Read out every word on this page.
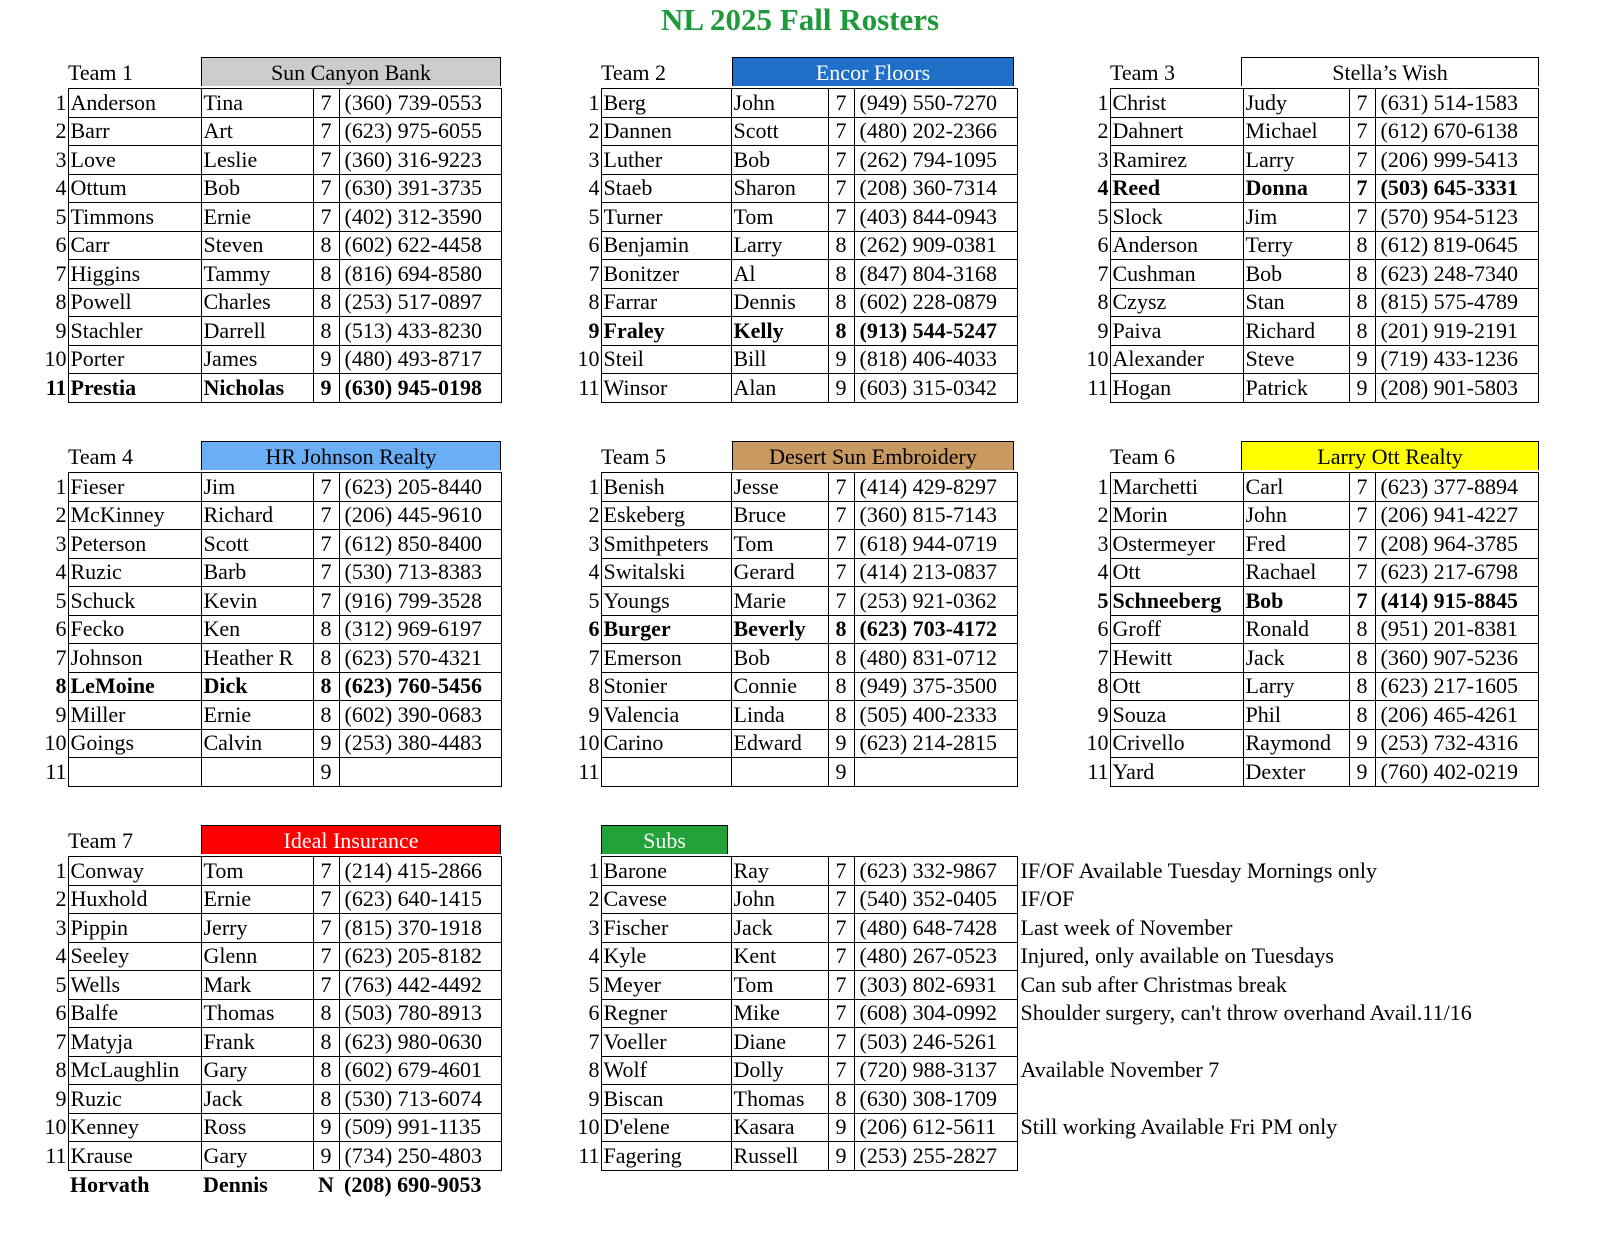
NL 2025 Fall Rosters
Team 1	Sun Canyon Bank
1	Anderson	Tina	7	(360) 739-0553
2	Barr	Art	7	(623) 975-6055
3	Love	Leslie	7	(360) 316-9223
4	Ottum	Bob	7	(630) 391-3735
5	Timmons	Ernie	7	(402) 312-3590
6	Carr	Steven	8	(602) 622-4458
7	Higgins	Tammy	8	(816) 694-8580
8	Powell	Charles	8	(253) 517-0897
9	Stachler	Darrell	8	(513) 433-8230
10	Porter	James	9	(480) 493-8717
11	Prestia	Nicholas	9	(630) 945-0198
Team 2	Encor Floors
1	Berg	John	7	(949) 550-7270
2	Dannen	Scott	7	(480) 202-2366
3	Luther	Bob	7	(262) 794-1095
4	Staeb	Sharon	7	(208) 360-7314
5	Turner	Tom	7	(403) 844-0943
6	Benjamin	Larry	8	(262) 909-0381
7	Bonitzer	Al	8	(847) 804-3168
8	Farrar	Dennis	8	(602) 228-0879
9	Fraley	Kelly	8	(913) 544-5247
10	Steil	Bill	9	(818) 406-4033
11	Winsor	Alan	9	(603) 315-0342
Team 3	Stella’s Wish
1	Christ	Judy	7	(631) 514-1583
2	Dahnert	Michael	7	(612) 670-6138
3	Ramirez	Larry	7	(206) 999-5413
4	Reed	Donna	7	(503) 645-3331
5	Slock	Jim	7	(570) 954-5123
6	Anderson	Terry	8	(612) 819-0645
7	Cushman	Bob	8	(623) 248-7340
8	Czysz	Stan	8	(815) 575-4789
9	Paiva	Richard	8	(201) 919-2191
10	Alexander	Steve	9	(719) 433-1236
11	Hogan	Patrick	9	(208) 901-5803
Team 4	HR Johnson Realty
1	Fieser	Jim	7	(623) 205-8440
2	McKinney	Richard	7	(206) 445-9610
3	Peterson	Scott	7	(612) 850-8400
4	Ruzic	Barb	7	(530) 713-8383
5	Schuck	Kevin	7	(916) 799-3528
6	Fecko	Ken	8	(312) 969-6197
7	Johnson	Heather R	8	(623) 570-4321
8	LeMoine	Dick	8	(623) 760-5456
9	Miller	Ernie	8	(602) 390-0683
10	Goings	Calvin	9	(253) 380-4483
11			9	
Team 5	Desert Sun Embroidery
1	Benish	Jesse	7	(414) 429-8297
2	Eskeberg	Bruce	7	(360) 815-7143
3	Smithpeters	Tom	7	(618) 944-0719
4	Switalski	Gerard	7	(414) 213-0837
5	Youngs	Marie	7	(253) 921-0362
6	Burger	Beverly	8	(623) 703-4172
7	Emerson	Bob	8	(480) 831-0712
8	Stonier	Connie	8	(949) 375-3500
9	Valencia	Linda	8	(505) 400-2333
10	Carino	Edward	9	(623) 214-2815
11			9	
Team 6	Larry Ott Realty
1	Marchetti	Carl	7	(623) 377-8894
2	Morin	John	7	(206) 941-4227
3	Ostermeyer	Fred	7	(208) 964-3785
4	Ott	Rachael	7	(623) 217-6798
5	Schneeberg	Bob	7	(414) 915-8845
6	Groff	Ronald	8	(951) 201-8381
7	Hewitt	Jack	8	(360) 907-5236
8	Ott	Larry	8	(623) 217-1605
9	Souza	Phil	8	(206) 465-4261
10	Crivello	Raymond	9	(253) 732-4316
11	Yard	Dexter	9	(760) 402-0219
Team 7	Ideal Insurance
1	Conway	Tom	7	(214) 415-2866
2	Huxhold	Ernie	7	(623) 640-1415
3	Pippin	Jerry	7	(815) 370-1918
4	Seeley	Glenn	7	(623) 205-8182
5	Wells	Mark	7	(763) 442-4492
6	Balfe	Thomas	8	(503) 780-8913
7	Matyja	Frank	8	(623) 980-0630
8	McLaughlin	Gary	8	(602) 679-4601
9	Ruzic	Jack	8	(530) 713-6074
10	Kenney	Ross	9	(509) 991-1135
11	Krause	Gary	9	(734) 250-4803
	Horvath	Dennis	N	(208) 690-9053
Subs
1	Barone	Ray	7	(623) 332-9867	IF/OF Available Tuesday Mornings only
2	Cavese	John	7	(540) 352-0405	IF/OF
3	Fischer	Jack	7	(480) 648-7428	Last week of November
4	Kyle	Kent	7	(480) 267-0523	Injured, only available on Tuesdays
5	Meyer	Tom	7	(303) 802-6931	Can sub after Christmas break
6	Regner	Mike	7	(608) 304-0992	Shoulder surgery, can't throw overhand Avail.11/16
7	Voeller	Diane	7	(503) 246-5261	
8	Wolf	Dolly	7	(720) 988-3137	Available November 7
9	Biscan	Thomas	8	(630) 308-1709	
10	D'elene	Kasara	9	(206) 612-5611	Still working Available Fri PM only
11	Fagering	Russell	9	(253) 255-2827	
